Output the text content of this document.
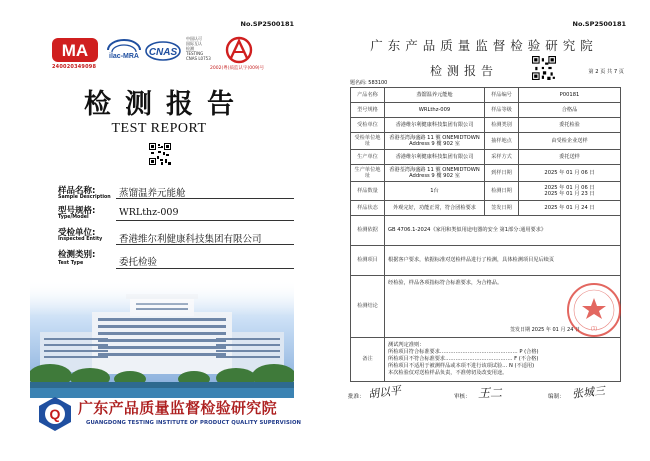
No.SP2500181
MA
240020349098
ilac-MRA CNAS
中国认可
国际互认
检测
TESTING
CNAS L0753
2002(粤)质监认字(009)号
检测报告
TEST REPORT
样品名称:
Sample Description 蒸馏温养元能舱
型号规格:
Type/Model	WRLthz-009
受检单位:
Inspected Entity 香港维尔利健康科技集团有限公司
检测类别:
Test Type	委托检验
Q 广东产品质量监督检验研究院
GUANGDONG TESTING INSTITUTE OF PRODUCT QUALITY SUPERVISION
No.SP2500181
广东产品质量监督检验研究院
检测报告	第 2 页 共 7 页
题名码: 583100
产品名称	蒸馏温养元能舱	样品编号	P00181
型号规格	WRLthz-009	样品等级	合格品
受检单位	香港维尔利健康科技集团有限公司	检测类别	委托检验
受检单位地址	香港荃湾海盛路 11 號 ONEMIDTOWN Address 9 樓 902 室	抽样地点	由受检企业送样
生产单位	香港维尔利健康科技集团有限公司	采样方式	委托送样
生产单位地址	香港荃湾海盛路 11 號 ONEMIDTOWN Address 9 樓 902 室	到样日期	2025 年 01 月 06 日
样品数量	1台	检测日期	2025 年 01 月 06 日
2025 年 01 月 23 日

样品状态	外观完好，功能正常，符合团检要求	签发日期	2025 年 01 月 24 日
检测依据	GB 4706.1-2024《家用和类似用途电器的安全 第1部分:通用要求》		
检测项目	根据客户要求，依据标准对送检样品进行了检测，具体检测项目见后续页		
检测结论	经检验，样品各项指标符合标准要求，为合格品。
签发日期 2025 年 01 月 24 日		

备注	测试判定准则：
所检项目符合标准要求……………………………………… P (合格)
所检项目不符合标准要求………………………………… F (不合格)
所检项目不适用于被测样品或本项不进行该项试验… N (不适用)
本次检验仅对送检样品负责，不准剪切及改变用途。		
(1)
批准： 胡以平	审核： 王二	编制： 张城三
